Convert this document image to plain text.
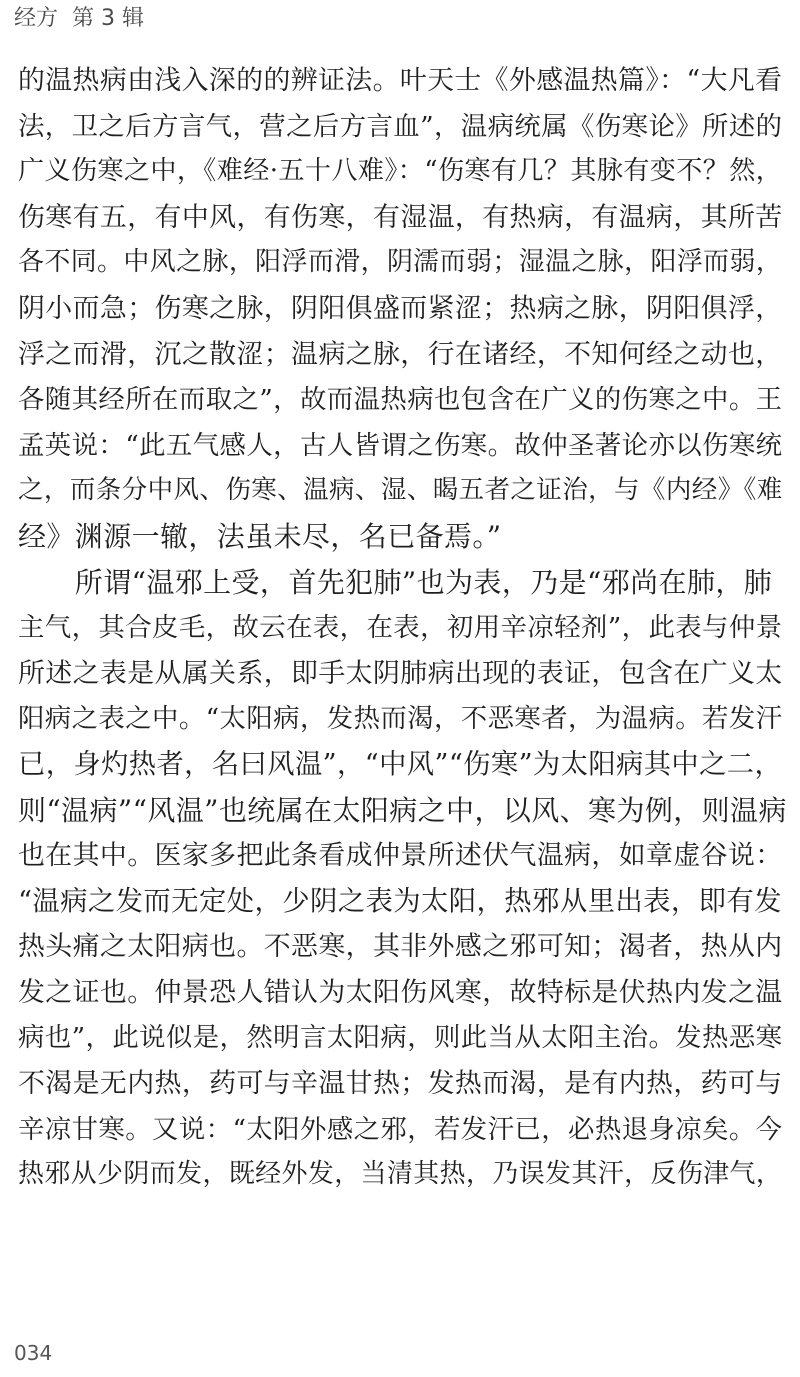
经方 第 3 辑
的温热病由浅入深的的辨证法。叶天士《外感温热篇》：“大凡看
法，卫之后方言气，营之后方言血”，温病统属《伤寒论》所述的
广义伤寒之中，《难经·五十八难》：“伤寒有几？其脉有变不？然，
伤寒有五，有中风，有伤寒，有湿温，有热病，有温病，其所苦
各不同。中风之脉，阳浮而滑，阴濡而弱；湿温之脉，阳浮而弱，
阴小而急；伤寒之脉，阴阳俱盛而紧涩；热病之脉，阴阳俱浮，
浮之而滑，沉之散涩；温病之脉，行在诸经，不知何经之动也，
各随其经所在而取之”，故而温热病也包含在广义的伤寒之中。王
孟英说：“此五气感人，古人皆谓之伤寒。故仲圣著论亦以伤寒统
之，而条分中风、伤寒、温病、湿、暍五者之证治，与《内经》《难
经》渊源一辙，法虽未尽，名已备焉。”
　　所谓“温邪上受，首先犯肺”也为表，乃是“邪尚在肺，肺
主气，其合皮毛，故云在表，在表，初用辛凉轻剂”，此表与仲景
所述之表是从属关系，即手太阴肺病出现的表证，包含在广义太
阳病之表之中。“太阳病，发热而渴，不恶寒者，为温病。若发汗
已，身灼热者，名曰风温”，“中风”“伤寒”为太阳病其中之二，
则“温病”“风温”也统属在太阳病之中，以风、寒为例，则温病
也在其中。医家多把此条看成仲景所述伏气温病，如章虚谷说：
“温病之发而无定处，少阴之表为太阳，热邪从里出表，即有发
热头痛之太阳病也。不恶寒，其非外感之邪可知；渴者，热从内
发之证也。仲景恐人错认为太阳伤风寒，故特标是伏热内发之温
病也”，此说似是，然明言太阳病，则此当从太阳主治。发热恶寒
不渴是无内热，药可与辛温甘热；发热而渴，是有内热，药可与
辛凉甘寒。又说：“太阳外感之邪，若发汗已，必热退身凉矣。今
热邪从少阴而发，既经外发，当清其热，乃误发其汗，反伤津气，
034
